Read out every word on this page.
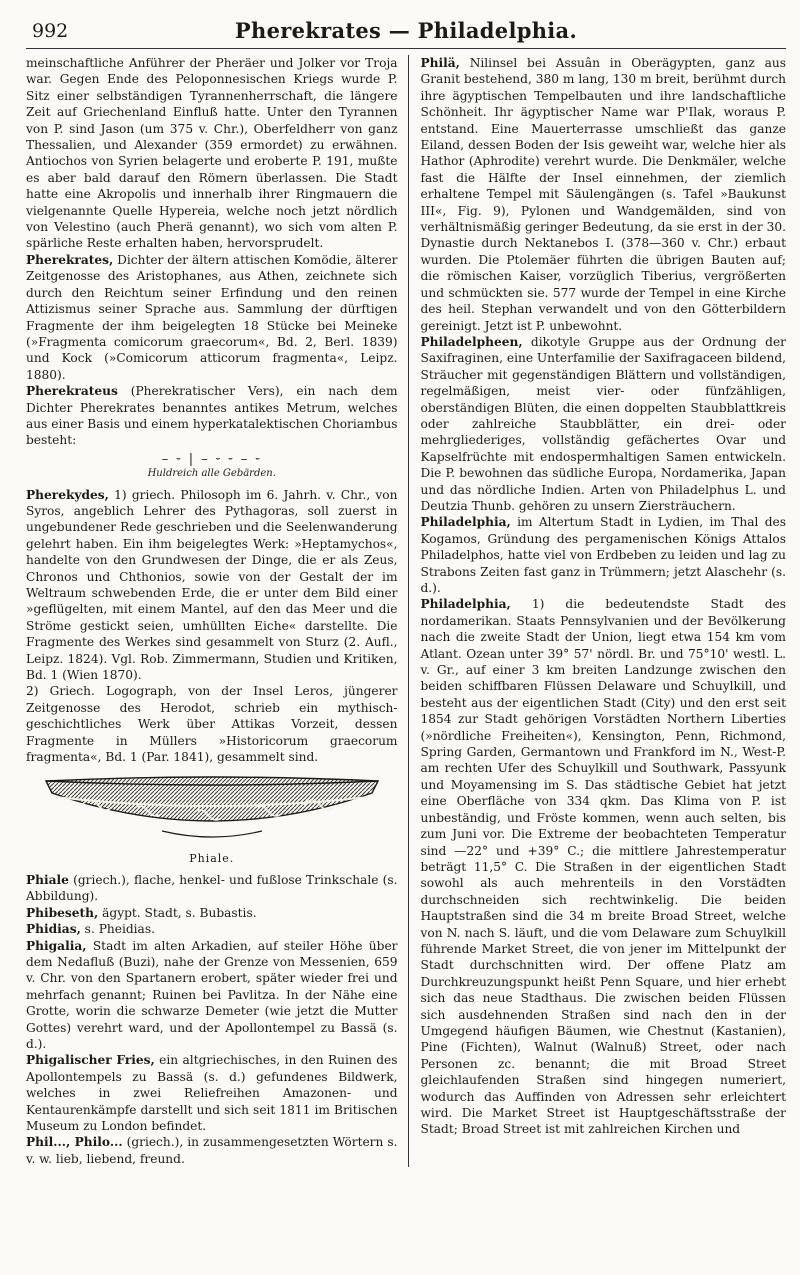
992	Pherekrates — Philadelphia.

meinschaftliche Anführer der Pheräer und Jolker vor Troja war. Gegen Ende des Peloponnesischen Kriegs wurde P. Sitz einer selbständigen Tyrannenherrschaft, die längere Zeit auf Griechenland Einfluß hatte. Unter den Tyrannen von P. sind Jason (um 375 v. Chr.), Oberfeldherr von ganz Thessalien, und Alexander (359 ermordet) zu erwähnen. Antiochos von Syrien belagerte und eroberte P. 191, mußte es aber bald darauf den Römern überlassen. Die Stadt hatte eine Akropolis und innerhalb ihrer Ringmauern die vielgenannte Quelle Hypereia, welche noch jetzt nördlich von Velestino (auch Pherä genannt), wo sich vom alten P. spärliche Reste erhalten haben, hervorsprudelt.

Pherekrates, Dichter der ältern attischen Komödie, älterer Zeitgenosse des Aristophanes, aus Athen, zeichnete sich durch den Reichtum seiner Erfindung und den reinen Attizismus seiner Sprache aus. Sammlung der dürftigen Fragmente der ihm beigelegten 18 Stücke bei Meineke (»Fragmenta comicorum graecorum«, Bd. 2, Berl. 1839) und Kock (»Comicorum atticorum fragmenta«, Leipz. 1880).

Pherekrateus (Pherekratischer Vers), ein nach dem Dichter Pherekrates benanntes antikes Metrum, welches aus einer Basis und einem hyperkatalektischen Choriambus besteht:

– ⏑ | – ⏑ ⏑ – ⏑
Huldreich alle Gebärden.

Pherekydes, 1) griech. Philosoph im 6. Jahrh. v. Chr., von Syros, angeblich Lehrer des Pythagoras, soll zuerst in ungebundener Rede geschrieben und die Seelenwanderung gelehrt haben. Ein ihm beigelegtes Werk: »Heptamychos«, handelte von den Grundwesen der Dinge, die er als Zeus, Chronos und Chthonios, sowie von der Gestalt der im Weltraum schwebenden Erde, die er unter dem Bild einer »geflügelten, mit einem Mantel, auf den das Meer und die Ströme gestickt seien, umhüllten Eiche« darstellte. Die Fragmente des Werkes sind gesammelt von Sturz (2. Aufl., Leipz. 1824). Vgl. Rob. Zimmermann, Studien und Kritiken, Bd. 1 (Wien 1870).

2) Griech. Logograph, von der Insel Leros, jüngerer Zeitgenosse des Herodot, schrieb ein mythisch-geschichtliches Werk über Attikas Vorzeit, dessen Fragmente in Müllers »Historicorum graecorum fragmenta«, Bd. 1 (Par. 1841), gesammelt sind.

Phiale.

Phiale (griech.), flache, henkel- und fußlose Trinkschale (s. Abbildung).

Phibeseth, ägypt. Stadt, s. Bubastis.

Phidias, s. Pheidias.

Phigalia, Stadt im alten Arkadien, auf steiler Höhe über dem Nedafluß (Buzi), nahe der Grenze von Messenien, 659 v. Chr. von den Spartanern erobert, später wieder frei und mehrfach genannt; Ruinen bei Pavlitza. In der Nähe eine Grotte, worin die schwarze Demeter (wie jetzt die Mutter Gottes) verehrt ward, und der Apollontempel zu Bassä (s. d.).

Phigalischer Fries, ein altgriechisches, in den Ruinen des Apollontempels zu Bassä (s. d.) gefundenes Bildwerk, welches in zwei Reliefreihen Amazonen- und Kentaurenkämpfe darstellt und sich seit 1811 im Britischen Museum zu London befindet.

Phil..., Philo... (griech.), in zusammengesetzten Wörtern s. v. w. lieb, liebend, freund.

Philä, Nilinsel bei Assuân in Oberägypten, ganz aus Granit bestehend, 380 m lang, 130 m breit, berühmt durch ihre ägyptischen Tempelbauten und ihre landschaftliche Schönheit. Ihr ägyptischer Name war P'Ilak, woraus P. entstand. Eine Mauerterrasse umschließt das ganze Eiland, dessen Boden der Isis geweiht war, welche hier als Hathor (Aphrodite) verehrt wurde. Die Denkmäler, welche fast die Hälfte der Insel einnehmen, der ziemlich erhaltene Tempel mit Säulengängen (s. Tafel »Baukunst III«, Fig. 9), Pylonen und Wandgemälden, sind von verhältnismäßig geringer Bedeutung, da sie erst in der 30. Dynastie durch Nektanebos I. (378—360 v. Chr.) erbaut wurden. Die Ptolemäer führten die übrigen Bauten auf; die römischen Kaiser, vorzüglich Tiberius, vergrößerten und schmückten sie. 577 wurde der Tempel in eine Kirche des heil. Stephan verwandelt und von den Götterbildern gereinigt. Jetzt ist P. unbewohnt.

Philadelpheen, dikotyle Gruppe aus der Ordnung der Saxifraginen, eine Unterfamilie der Saxifragaceen bildend, Sträucher mit gegenständigen Blättern und vollständigen, regelmäßigen, meist vier- oder fünfzähligen, oberständigen Blüten, die einen doppelten Staubblattkreis oder zahlreiche Staubblätter, ein drei- oder mehrgliederiges, vollständig gefächertes Ovar und Kapselfrüchte mit endospermhaltigen Samen entwickeln. Die P. bewohnen das südliche Europa, Nordamerika, Japan und das nördliche Indien. Arten von Philadelphus L. und Deutzia Thunb. gehören zu unsern Ziersträuchern.

Philadelphia, im Altertum Stadt in Lydien, im Thal des Kogamos, Gründung des pergamenischen Königs Attalos Philadelphos, hatte viel von Erdbeben zu leiden und lag zu Strabons Zeiten fast ganz in Trümmern; jetzt Alaschehr (s. d.).

Philadelphia, 1) die bedeutendste Stadt des nordamerikan. Staats Pennsylvanien und der Bevölkerung nach die zweite Stadt der Union, liegt etwa 154 km vom Atlant. Ozean unter 39° 57' nördl. Br. und 75°10' westl. L. v. Gr., auf einer 3 km breiten Landzunge zwischen den beiden schiffbaren Flüssen Delaware und Schuylkill, und besteht aus der eigentlichen Stadt (City) und den erst seit 1854 zur Stadt gehörigen Vorstädten Northern Liberties (»nördliche Freiheiten«), Kensington, Penn, Richmond, Spring Garden, Germantown und Frankford im N., West-P. am rechten Ufer des Schuylkill und Southwark, Passyunk und Moyamensing im S. Das städtische Gebiet hat jetzt eine Oberfläche von 334 qkm. Das Klima von P. ist unbeständig, und Fröste kommen, wenn auch selten, bis zum Juni vor. Die Extreme der beobachteten Temperatur sind —22° und +39° C.; die mittlere Jahrestemperatur beträgt 11,5° C. Die Straßen in der eigentlichen Stadt sowohl als auch mehrenteils in den Vorstädten durchschneiden sich rechtwinkelig. Die beiden Hauptstraßen sind die 34 m breite Broad Street, welche von N. nach S. läuft, und die vom Delaware zum Schuylkill führende Market Street, die von jener im Mittelpunkt der Stadt durchschnitten wird. Der offene Platz am Durchkreuzungspunkt heißt Penn Square, und hier erhebt sich das neue Stadthaus. Die zwischen beiden Flüssen sich ausdehnenden Straßen sind nach den in der Umgegend häufigen Bäumen, wie Chestnut (Kastanien), Pine (Fichten), Walnut (Walnuß) Street, oder nach Personen zc. benannt; die mit Broad Street gleichlaufenden Straßen sind hingegen numeriert, wodurch das Auffinden von Adressen sehr erleichtert wird. Die Market Street ist Hauptgeschäftsstraße der Stadt; Broad Street ist mit zahlreichen Kirchen und
